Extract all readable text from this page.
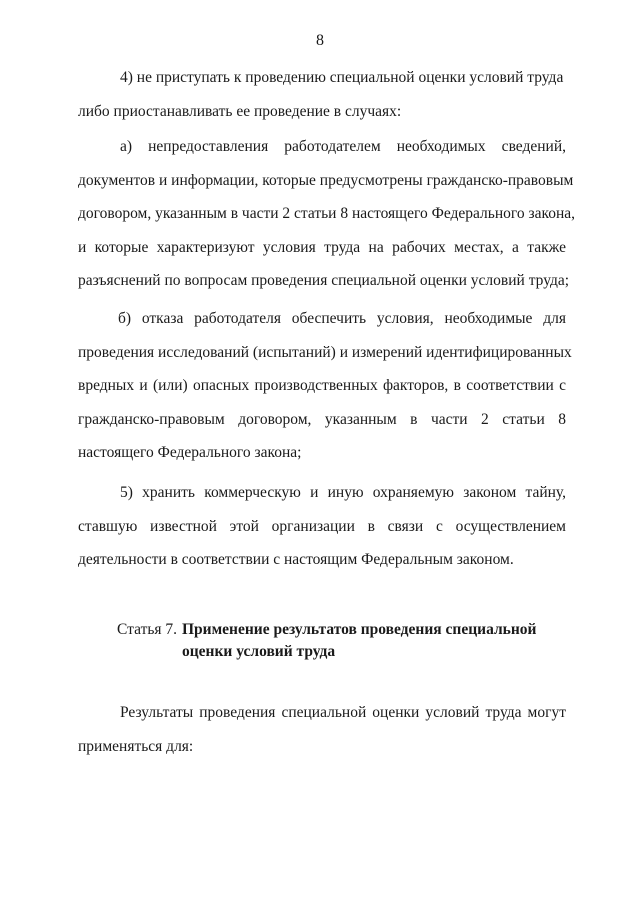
8
4) не приступать к проведению специальной оценки условий труда
либо приостанавливать ее проведение в случаях:
а) непредоставления работодателем необходимых сведений,
документов и информации, которые предусмотрены гражданско-правовым
договором, указанным в части 2 статьи 8 настоящего Федерального закона,
и которые характеризуют условия труда на рабочих местах, а также
разъяснений по вопросам проведения специальной оценки условий труда;
б) отказа работодателя обеспечить условия, необходимые для
проведения исследований (испытаний) и измерений идентифицированных
вредных и (или) опасных производственных факторов, в соответствии с
гражданско-правовым договором, указанным в части 2 статьи 8
настоящего Федерального закона;
5) хранить коммерческую и иную охраняемую законом тайну,
ставшую известной этой организации в связи с осуществлением
деятельности в соответствии с настоящим Федеральным законом.
Статья 7. Применение результатов проведения специальной
оценки условий труда
Результаты проведения специальной оценки условий труда могут
применяться для:
